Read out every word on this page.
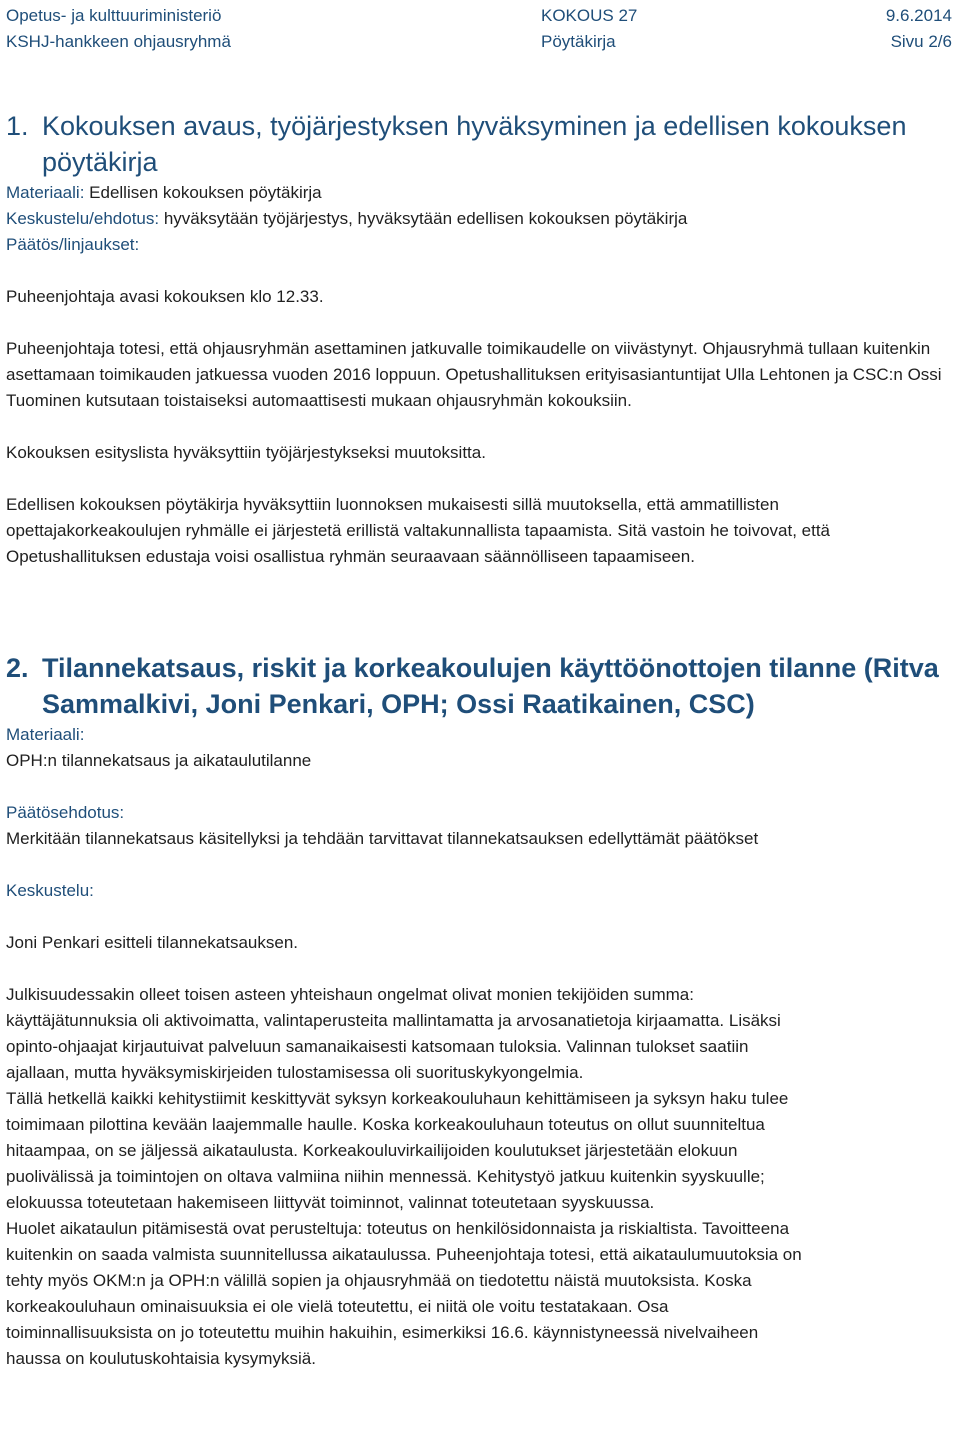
Opetus- ja kulttuuriministeriö	KOKOUS 27	9.6.2014
KSHJ-hankkeen ohjausryhmä	Pöytäkirja	Sivu 2/6
1. Kokouksen avaus, työjärjestyksen hyväksyminen ja edellisen kokouksen pöytäkirja

Materiaali: Edellisen kokouksen pöytäkirja

Keskustelu/ehdotus: hyväksytään työjärjestys, hyväksytään edellisen kokouksen pöytäkirja

Päätös/linjaukset:

Puheenjohtaja avasi kokouksen klo 12.33.

Puheenjohtaja totesi, että ohjausryhmän asettaminen jatkuvalle toimikaudelle on viivästynyt. Ohjausryhmä tullaan kuitenkin asettamaan toimikauden jatkuessa vuoden 2016 loppuun. Opetushallituksen erityisasiantuntijat Ulla Lehtonen ja CSC:n Ossi Tuominen kutsutaan toistaiseksi automaattisesti mukaan ohjausryhmän kokouksiin.

Kokouksen esityslista hyväksyttiin työjärjestykseksi muutoksitta.

Edellisen kokouksen pöytäkirja hyväksyttiin luonnoksen mukaisesti sillä muutoksella, että ammatillisten opettajakorkeakoulujen ryhmälle ei järjestetä erillistä valtakunnallista tapaamista. Sitä vastoin he toivovat, että Opetushallituksen edustaja voisi osallistua ryhmän seuraavaan säännölliseen tapaamiseen.

2. Tilannekatsaus, riskit ja korkeakoulujen käyttöönottojen tilanne (Ritva Sammalkivi, Joni Penkari, OPH; Ossi Raatikainen, CSC)

Materiaali:

OPH:n tilannekatsaus ja aikataulutilanne

Päätösehdotus:

Merkitään tilannekatsaus käsitellyksi ja tehdään tarvittavat tilannekatsauksen edellyttämät päätökset

Keskustelu:

Joni Penkari esitteli tilannekatsauksen.

Julkisuudessakin olleet toisen asteen yhteishaun ongelmat olivat monien tekijöiden summa:

käyttäjätunnuksia oli aktivoimatta, valintaperusteita mallintamatta ja arvosanatietoja kirjaamatta. Lisäksi

opinto-ohjaajat kirjautuivat palveluun samanaikaisesti katsomaan tuloksia. Valinnan tulokset saatiin

ajallaan, mutta hyväksymiskirjeiden tulostamisessa oli suorituskykyongelmia.

Tällä hetkellä kaikki kehitystiimit keskittyvät syksyn korkeakouluhaun kehittämiseen ja syksyn haku tulee

toimimaan pilottina kevään laajemmalle haulle. Koska korkeakouluhaun toteutus on ollut suunniteltua

hitaampaa, on se jäljessä aikataulusta. Korkeakouluvirkailijoiden koulutukset järjestetään elokuun

puolivälissä ja toimintojen on oltava valmiina niihin mennessä. Kehitystyö jatkuu kuitenkin syyskuulle;

elokuussa toteutetaan hakemiseen liittyvät toiminnot, valinnat toteutetaan syyskuussa.

Huolet aikataulun pitämisestä ovat perusteltuja: toteutus on henkilösidonnaista ja riskialtista. Tavoitteena

kuitenkin on saada valmista suunnitellussa aikataulussa. Puheenjohtaja totesi, että aikataulumuutoksia on

tehty myös OKM:n ja OPH:n välillä sopien ja ohjausryhmää on tiedotettu näistä muutoksista. Koska

korkeakouluhaun ominaisuuksia ei ole vielä toteutettu, ei niitä ole voitu testatakaan. Osa

toiminnallisuuksista on jo toteutettu muihin hakuihin, esimerkiksi 16.6. käynnistyneessä nivelvaiheen

haussa on koulutuskohtaisia kysymyksiä.
